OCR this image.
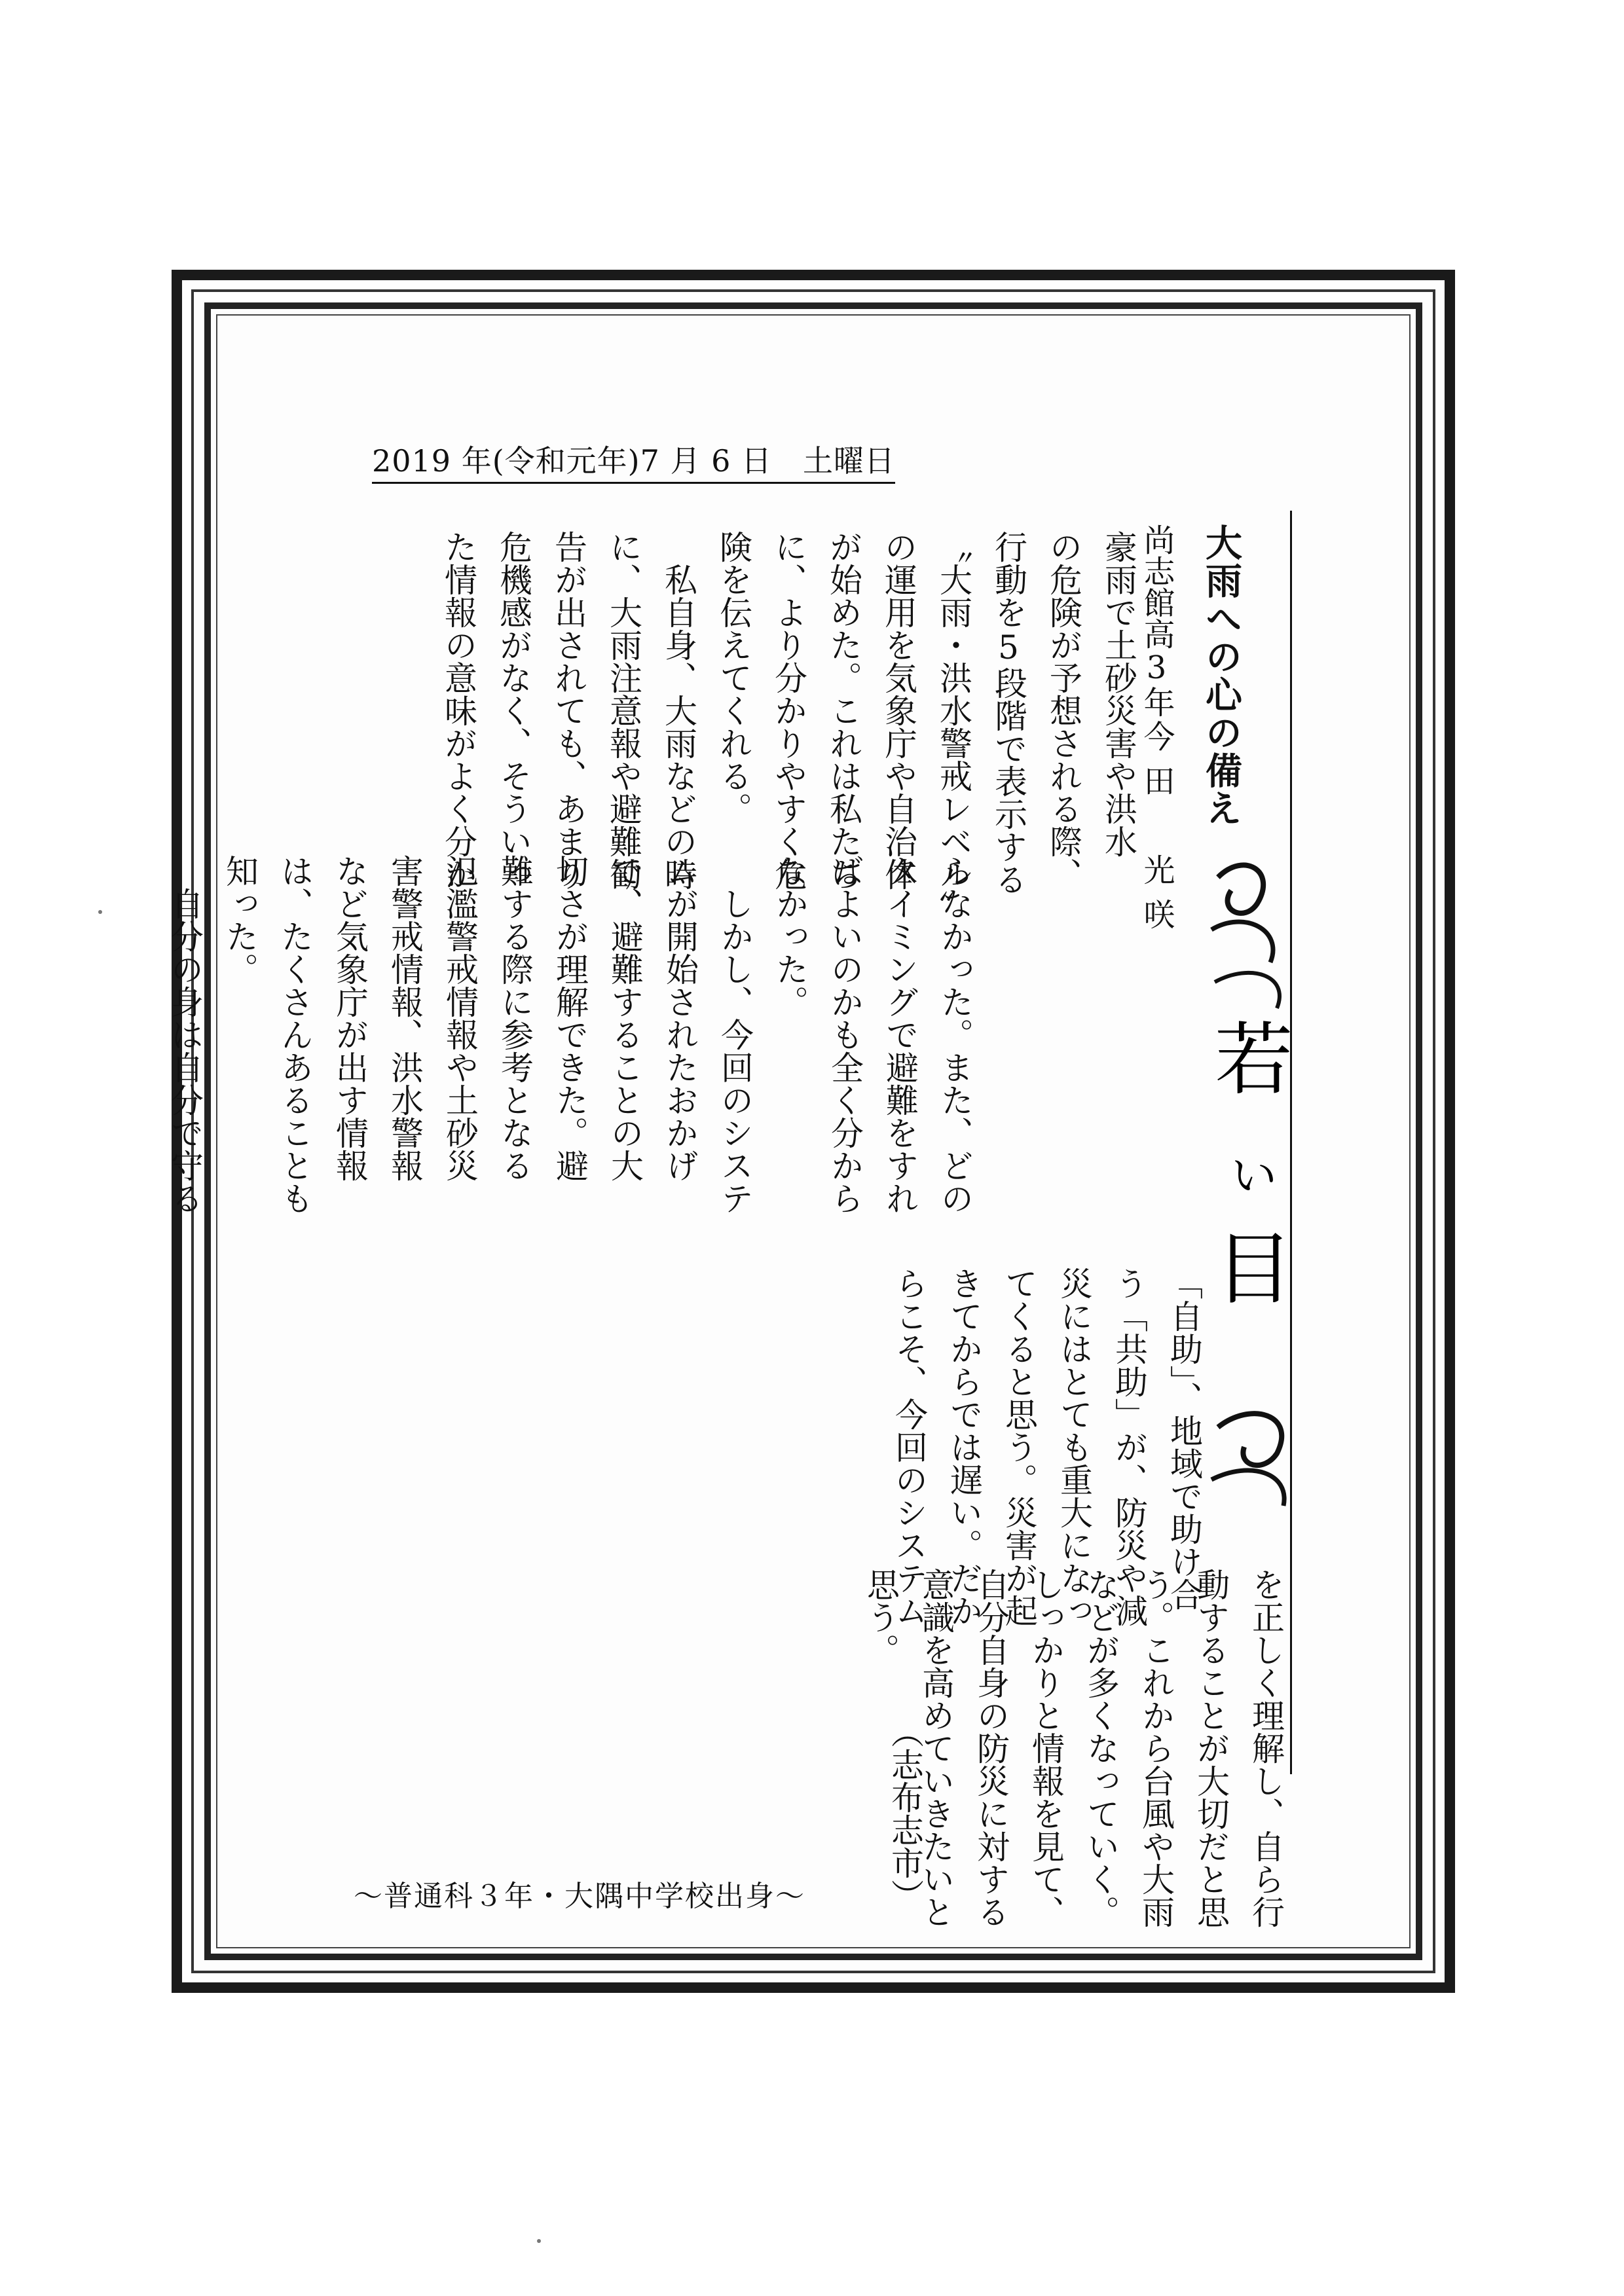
2019 年(令和元年)7 月 6 日　土曜日
大雨への心の備え
尚志館高3年
今田　光咲
若
い
目
豪雨で土砂災害や洪水
の危険が予想される際、
行動を5段階で表示する
〝大雨・洪水警戒レベル〟
の運用を気象庁や自治体
が始めた。これは私たち
に、より分かりやすく危
険を伝えてくれる。
　私自身、大雨などの時
に、大雨注意報や避難勧
告が出されても、あまり
危機感がなく、そういっ
た情報の意味がよく分か
らなかった。また、どの
タイミングで避難をすれ
ばよいのかも全く分から
なかった。
　しかし、今回のシステ
ムが開始されたおかげ
で、避難することの大
切さが理解できた。避
難する際に参考となる
氾濫警戒情報や土砂災
害警戒情報、洪水警報
など気象庁が出す情報
は、たくさんあることも
知った。
　自分の身は自分で守る
「自助」、地域で助け合
う「共助」が、防災や減
災にはとても重大になっ
てくると思う。災害が起
きてからでは遅い。だか
らこそ、今回のシステム
を正しく理解し、自ら行
動することが大切だと思
う。これから台風や大雨
などが多くなっていく。
しっかりと情報を見て、
自分自身の防災に対する
意識を高めていきたいと
思う。
（志布志市）
～普通科３年・大隅中学校出身～
